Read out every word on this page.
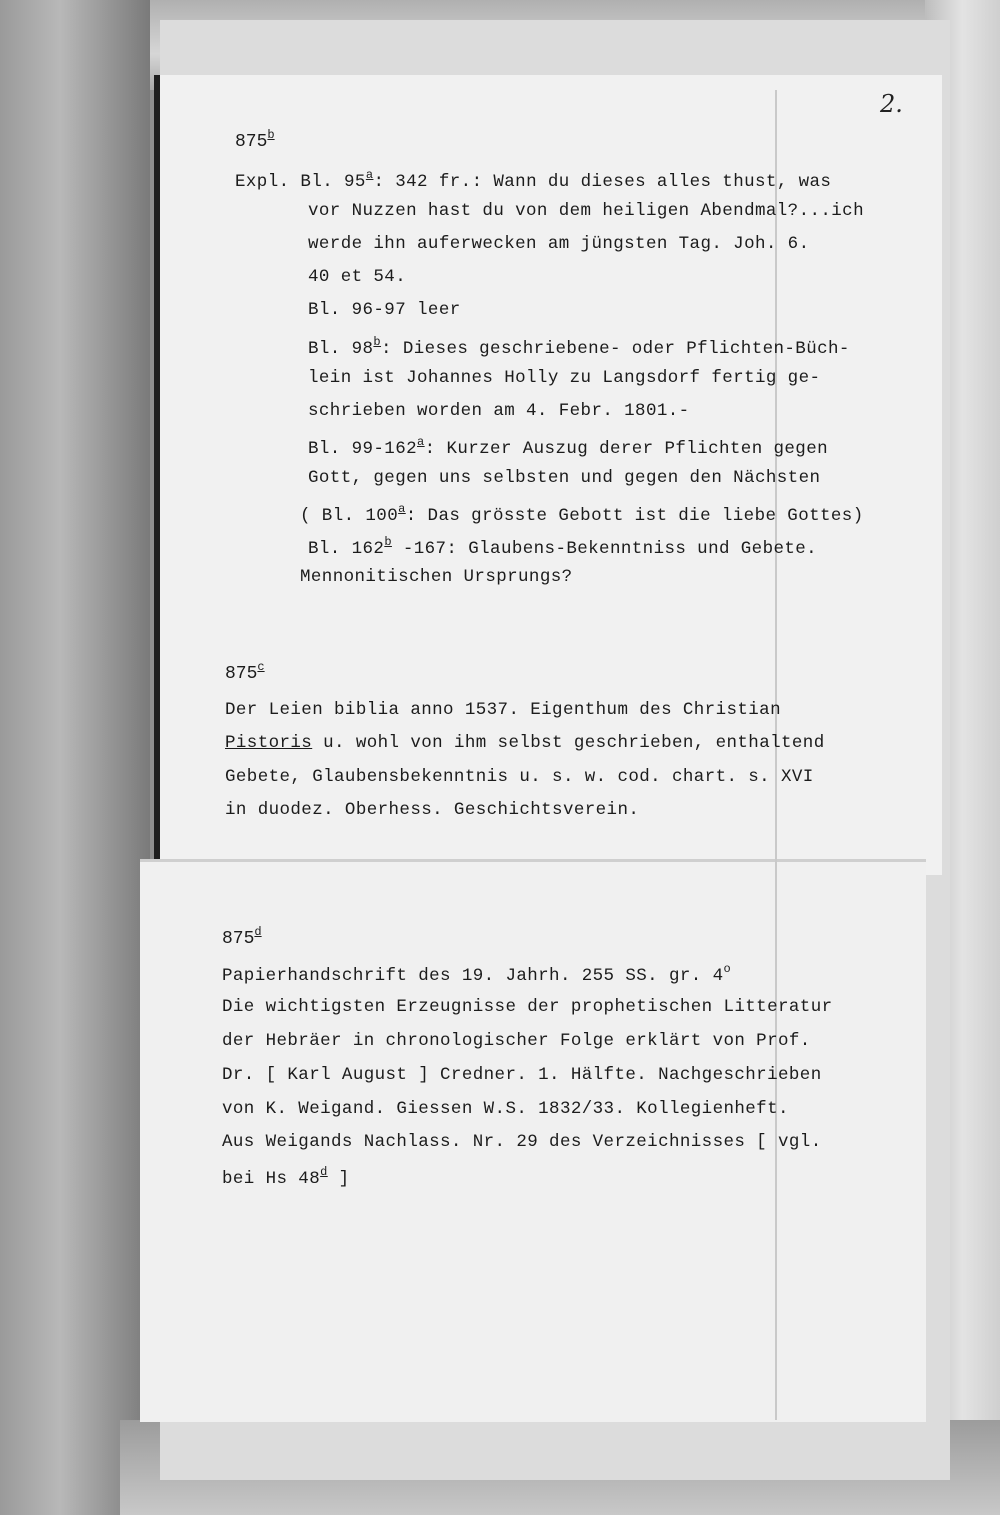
2.
875$^b$
Expl. Bl. 95$^a$: 342 fr.: Wann du dieses alles thust, was
vor Nuzzen hast du von dem heiligen Abendmal?...ich
werde ihn auferwecken am jüngsten Tag. Joh. 6.
40 et 54.
Bl. 96-97 leer
Bl. 98$^b$: Dieses geschriebene- oder Pflichten-Büch-
lein ist Johannes Holly zu Langsdorf fertig ge-
schrieben worden am 4. Febr. 1801.-
Bl. 99-162$^a$: Kurzer Auszug derer Pflichten gegen
Gott, gegen uns selbsten und gegen den Nächsten
( Bl. 100$^a$: Das grösste Gebott ist die liebe Gottes)
Bl. 162$^b$ -167: Glaubens-Bekenntniss und Gebete.
Mennonitischen Ursprungs?
875$^c$
Der Leien biblia anno 1537. Eigenthum des Christian
Pistoris u. wohl von ihm selbst geschrieben, enthaltend
Gebete, Glaubensbekenntnis u. s. w. cod. chart. s. XVI
in duodez. Oberhess. Geschichtsverein.
875$^d$
Papierhandschrift des 19. Jahrh. 255 SS. gr. 4$^o$
Die wichtigsten Erzeugnisse der prophetischen Litteratur
der Hebräer in chronologischer Folge erklärt von Prof.
Dr. [ Karl August ] Credner. 1. Hälfte. Nachgeschrieben
von K. Weigand. Giessen W.S. 1832/33. Kollegienheft.
Aus Weigands Nachlass. Nr. 29 des Verzeichnisses [ vgl.
bei Hs 48$^d$ ]
